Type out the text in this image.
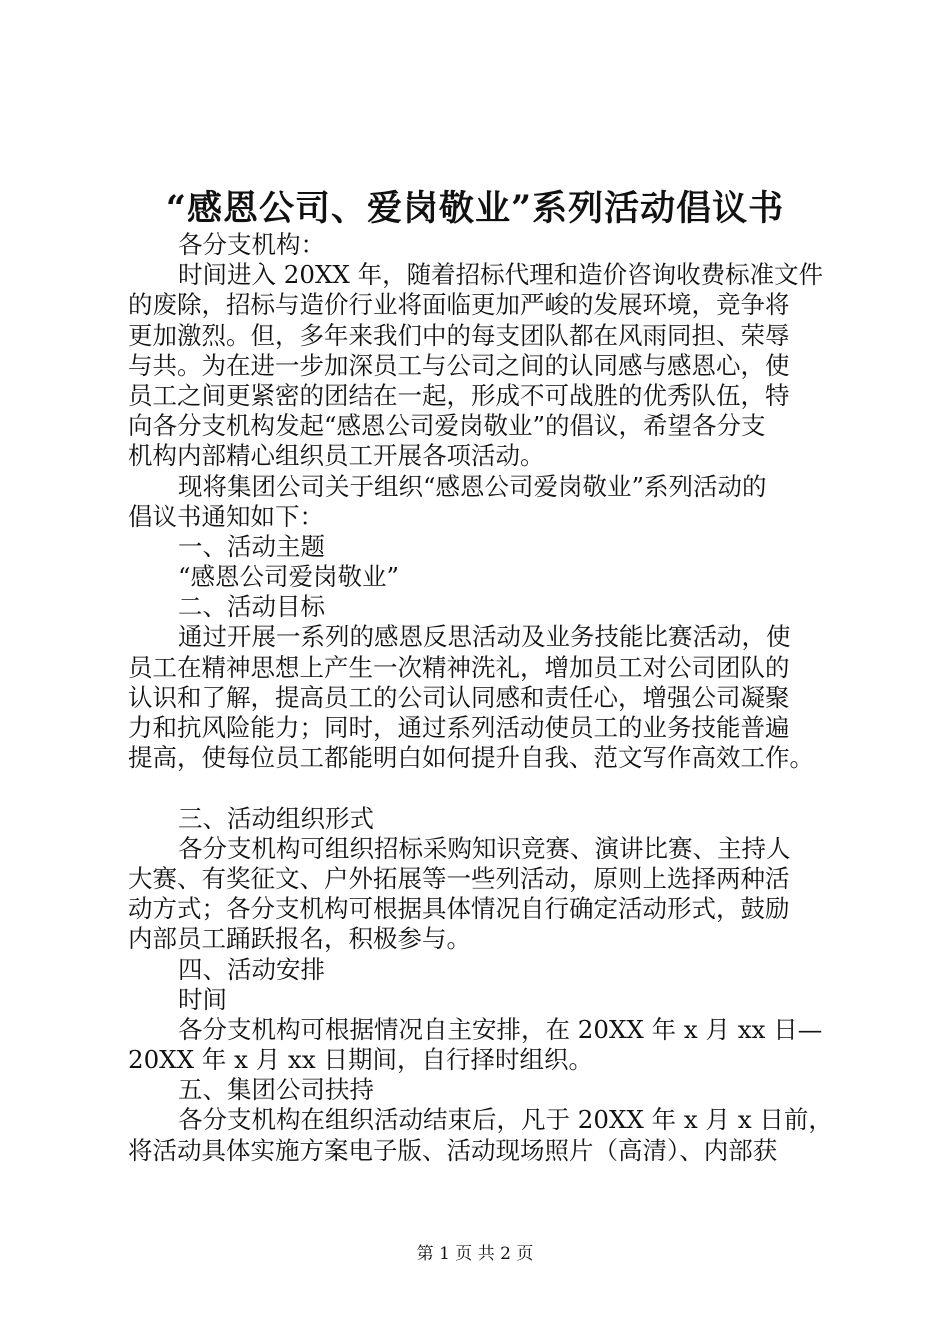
“感恩公司、爱岗敬业”系列活动倡议书
各分支机构：
时间进入 20XX 年，随着招标代理和造价咨询收费标准文件
的废除，招标与造价行业将面临更加严峻的发展环境，竞争将
更加激烈。但，多年来我们中的每支团队都在风雨同担、荣辱
与共。为在进一步加深员工与公司之间的认同感与感恩心，使
员工之间更紧密的团结在一起，形成不可战胜的优秀队伍，特
向各分支机构发起“感恩公司爱岗敬业”的倡议，希望各分支
机构内部精心组织员工开展各项活动。
现将集团公司关于组织“感恩公司爱岗敬业”系列活动的
倡议书通知如下：
一、活动主题
“感恩公司爱岗敬业”
二、活动目标
通过开展一系列的感恩反思活动及业务技能比赛活动，使
员工在精神思想上产生一次精神洗礼，增加员工对公司团队的
认识和了解，提高员工的公司认同感和责任心，增强公司凝聚
力和抗风险能力；同时，通过系列活动使员工的业务技能普遍
提高，使每位员工都能明白如何提升自我、范文写作高效工作。
三、活动组织形式
各分支机构可组织招标采购知识竞赛、演讲比赛、主持人
大赛、有奖征文、户外拓展等一些列活动，原则上选择两种活
动方式；各分支机构可根据具体情况自行确定活动形式，鼓励
内部员工踊跃报名，积极参与。
四、活动安排
时间
各分支机构可根据情况自主安排，在 20XX 年 x 月 xx 日—
20XX 年 x 月 xx 日期间，自行择时组织。
五、集团公司扶持
各分支机构在组织活动结束后，凡于 20XX 年 x 月 x 日前，
将活动具体实施方案电子版、活动现场照片（高清）、内部获
第 1 页 共 2 页
